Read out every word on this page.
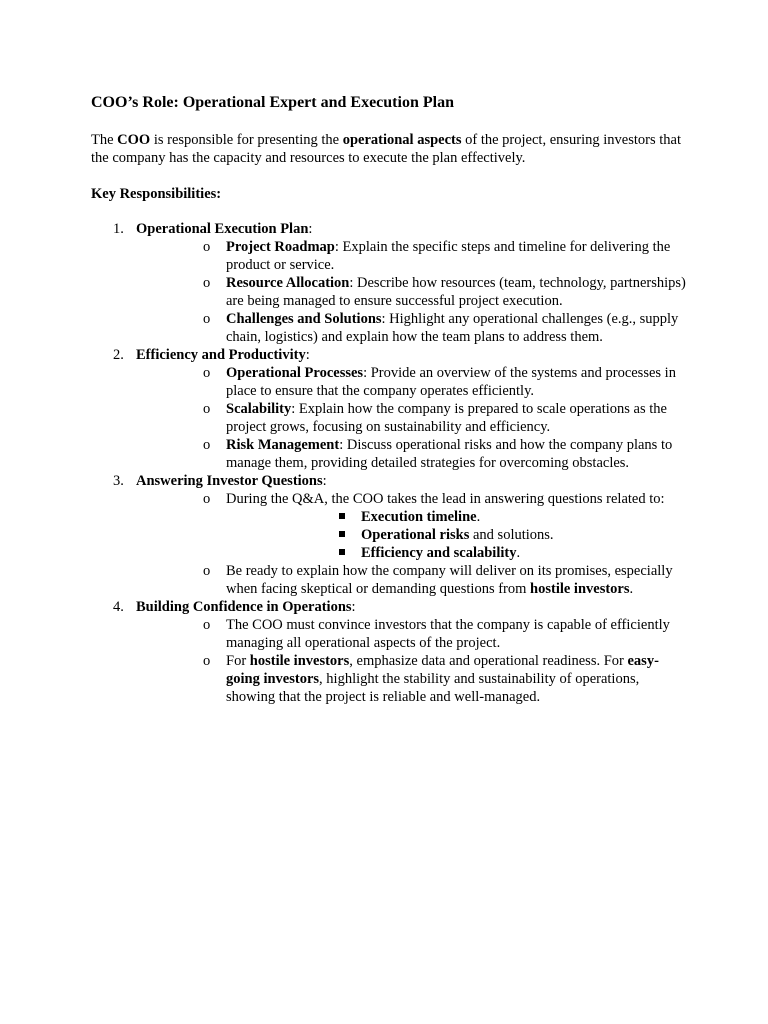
COO’s Role: Operational Expert and Execution Plan

The COO is responsible for presenting the operational aspects of the project, ensuring investors that the company has the capacity and resources to execute the plan effectively.

Key Responsibilities:

1. Operational Execution Plan:
o Project Roadmap: Explain the specific steps and timeline for delivering the product or service.
o Resource Allocation: Describe how resources (team, technology, partnerships) are being managed to ensure successful project execution.
o Challenges and Solutions: Highlight any operational challenges (e.g., supply chain, logistics) and explain how the team plans to address them.
2. Efficiency and Productivity:
o Operational Processes: Provide an overview of the systems and processes in place to ensure that the company operates efficiently.
o Scalability: Explain how the company is prepared to scale operations as the project grows, focusing on sustainability and efficiency.
o Risk Management: Discuss operational risks and how the company plans to manage them, providing detailed strategies for overcoming obstacles.
3. Answering Investor Questions:
o During the Q&A, the COO takes the lead in answering questions related to:
Execution timeline.
Operational risks and solutions.
Efficiency and scalability.
o Be ready to explain how the company will deliver on its promises, especially when facing skeptical or demanding questions from hostile investors.
4. Building Confidence in Operations:
o The COO must convince investors that the company is capable of efficiently managing all operational aspects of the project.
o For hostile investors, emphasize data and operational readiness. For easy-going investors, highlight the stability and sustainability of operations, showing that the project is reliable and well-managed.
